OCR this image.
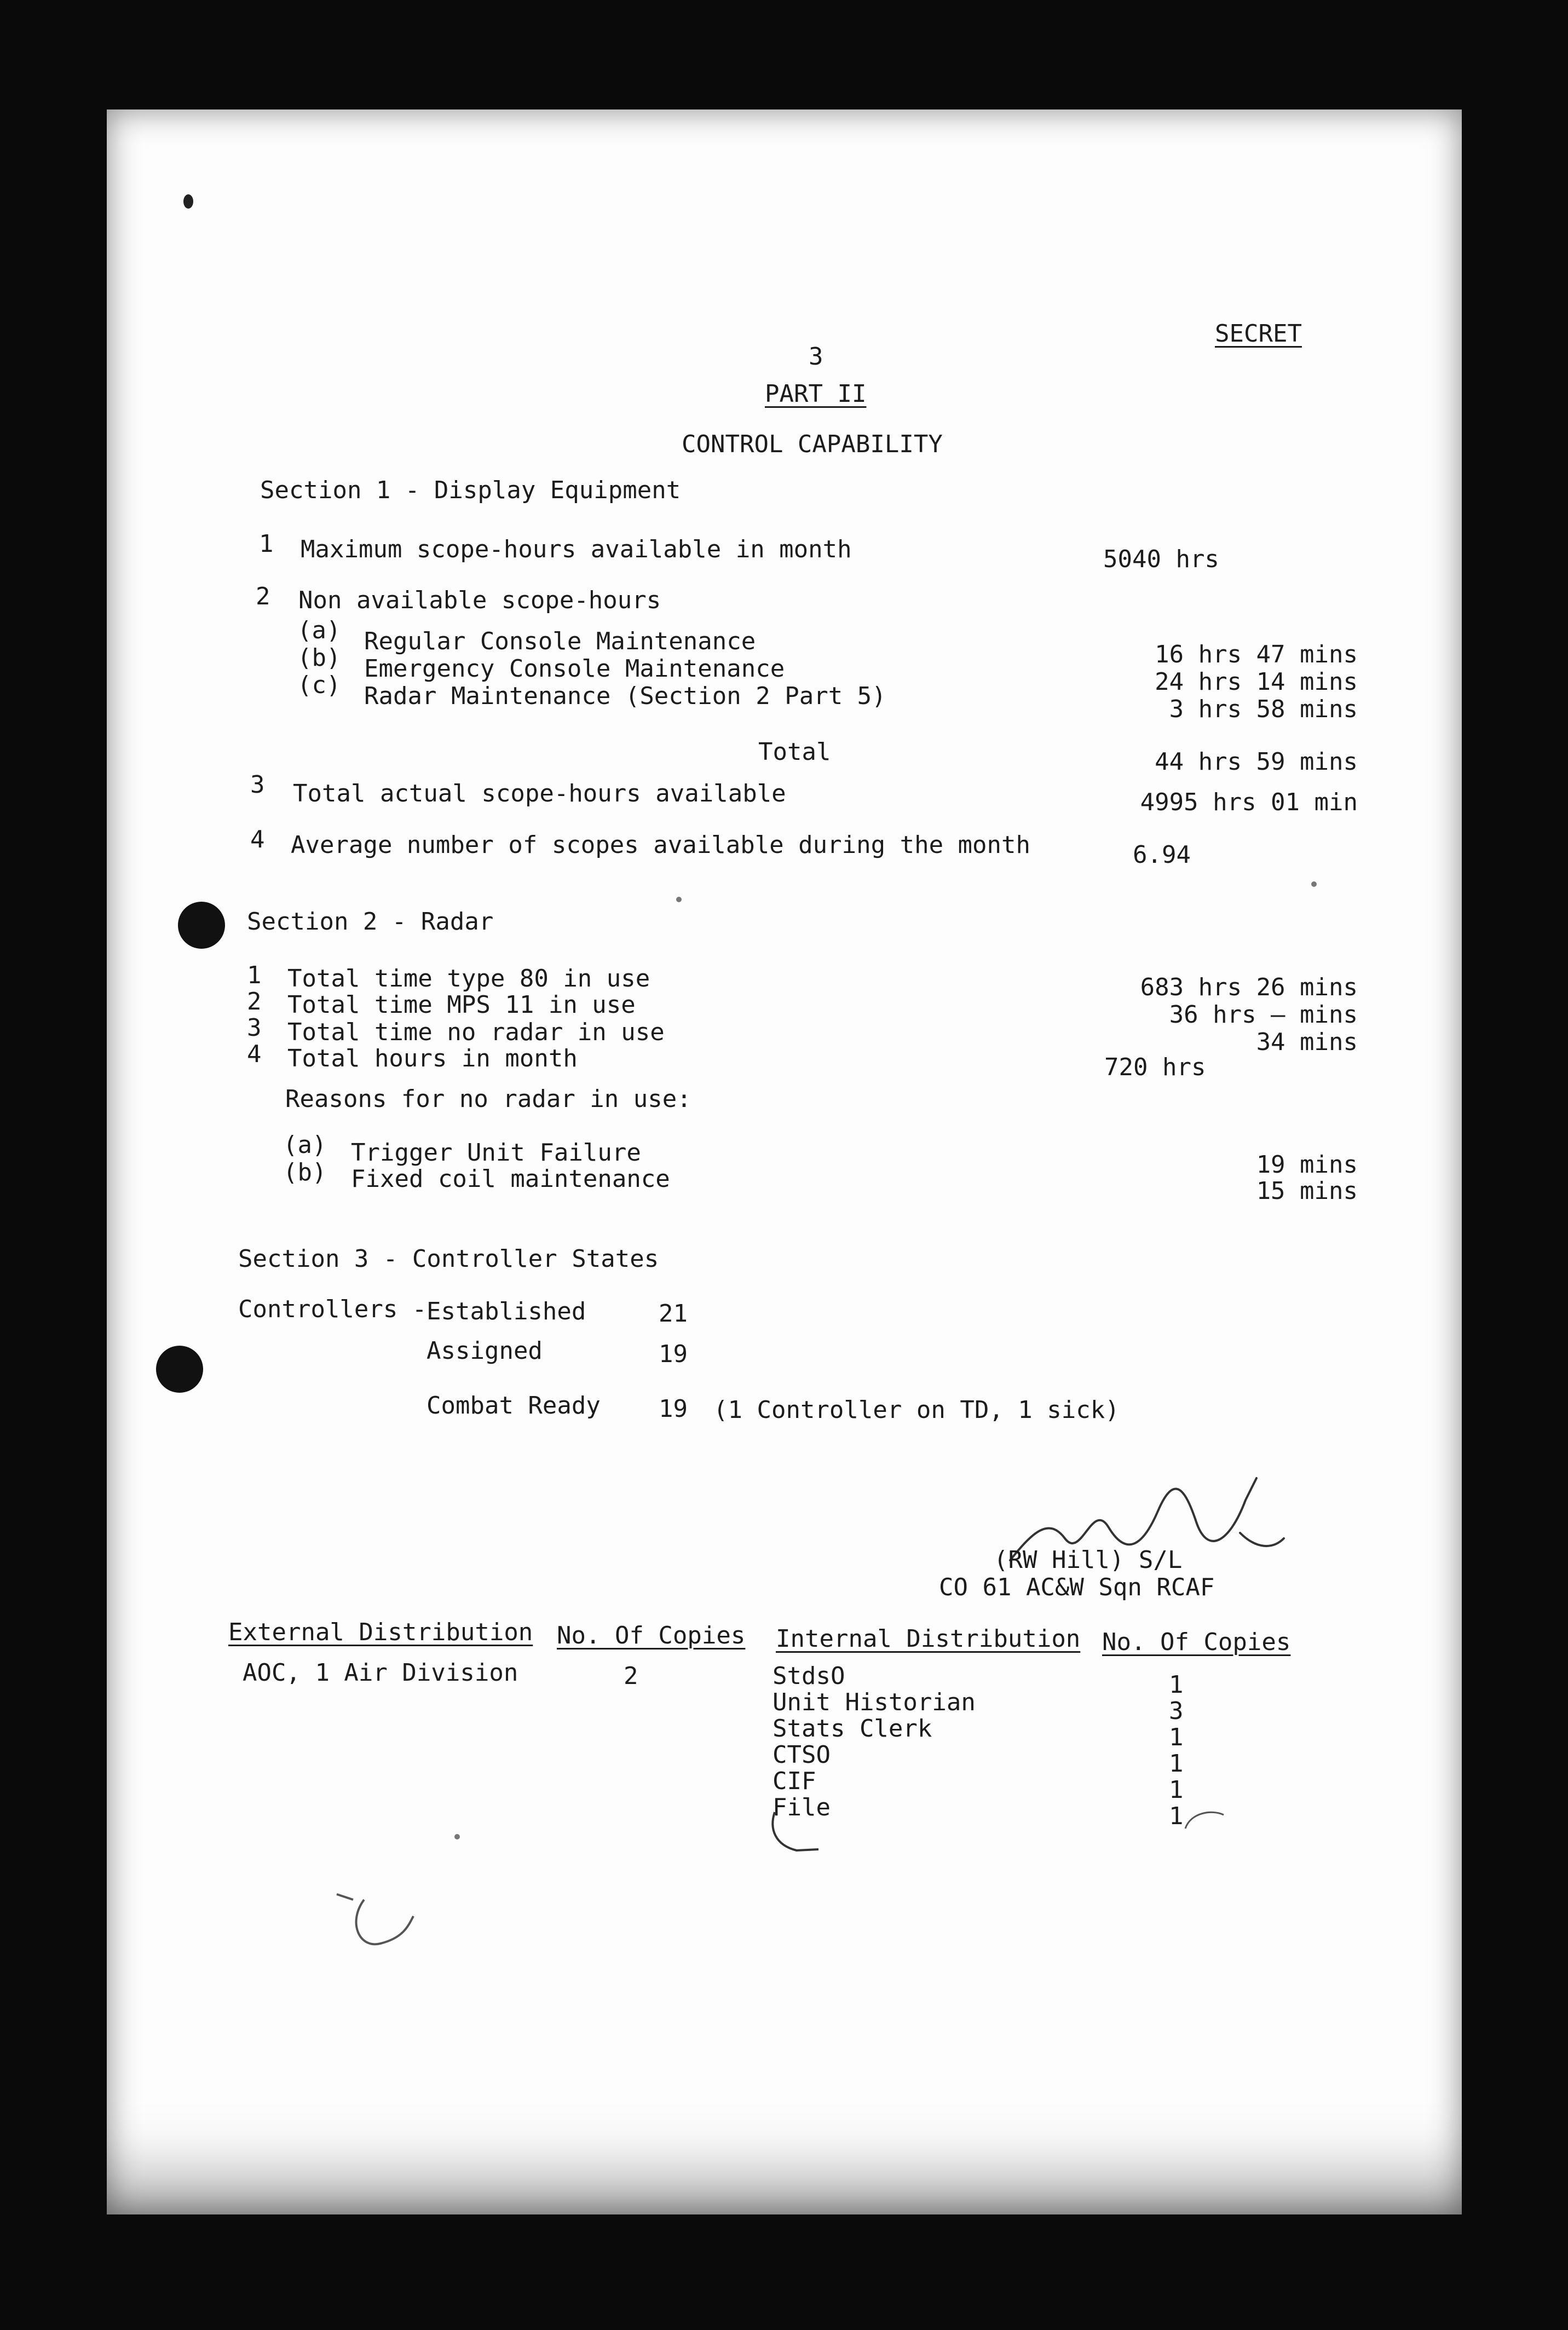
SECRET
3
PART II
CONTROL CAPABILITY
Section 1 - Display Equipment
1 Maximum scope-hours available in month	5040 hrs
2 Non available scope-hours
(a) Regular Console Maintenance	16 hrs 47 mins
(b) Emergency Console Maintenance	24 hrs 14 mins
(c) Radar Maintenance (Section 2 Part 5)	3 hrs 58 mins
Total	44 hrs 59 mins
3 Total actual scope-hours available	4995 hrs 01 min
4 Average number of scopes available during the month	6.94
Section 2 - Radar
1 Total time type 80 in use	683 hrs 26 mins
2 Total time MPS 11 in use	36 hrs — mins
3 Total time no radar in use	34 mins
4 Total hours in month	720 hrs
Reasons for no radar in use:
(a) Trigger Unit Failure	19 mins
(b) Fixed coil maintenance	15 mins
Section 3 - Controller States
Controllers - Established	21
Assigned	19
Combat Ready 19 (1 Controller on TD, 1 sick)
(RW Hill) S/L
CO 61 AC&W Sqn RCAF
External Distribution No. Of Copies Internal Distribution No. Of Copies
AOC, 1 Air Division	2	StdsO	1
Unit Historian	3
Stats Clerk	1
CTSO	1
CIF	1
File	1
